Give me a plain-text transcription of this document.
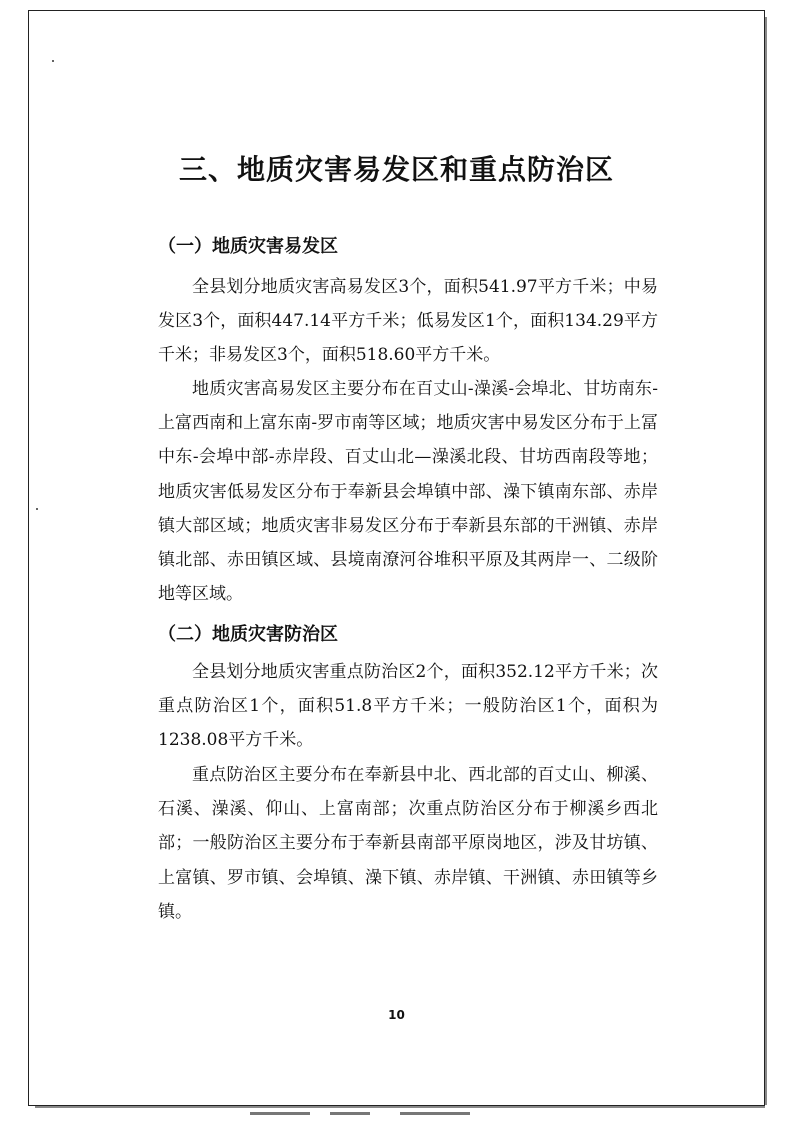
三、地质灾害易发区和重点防治区
（一）地质灾害易发区

全县划分地质灾害高易发区3个，面积541.97平方千米；中易发区3个，面积447.14平方千米；低易发区1个，面积134.29平方千米；非易发区3个，面积518.60平方千米。

地质灾害高易发区主要分布在百丈山-澡溪-会埠北、甘坊南东-上富西南和上富东南-罗市南等区域；地质灾害中易发区分布于上冨中东-会埠中部-赤岸段、百丈山北—澡溪北段、甘坊西南段等地；地质灾害低易发区分布于奉新县会埠镇中部、澡下镇南东部、赤岸镇大部区域；地质灾害非易发区分布于奉新县东部的干洲镇、赤岸镇北部、赤田镇区域、县境南潦河谷堆积平原及其两岸一、二级阶地等区域。

（二）地质灾害防治区

全县划分地质灾害重点防治区2个，面积352.12平方千米；次重点防治区1个，面积51.8平方千米；一般防治区1个，面积为1238.08平方千米。

重点防治区主要分布在奉新县中北、西北部的百丈山、柳溪、石溪、澡溪、仰山、上富南部；次重点防治区分布于柳溪乡西北部；一般防治区主要分布于奉新县南部平原岗地区，涉及甘坊镇、上富镇、罗市镇、会埠镇、澡下镇、赤岸镇、干洲镇、赤田镇等乡镇。

10
